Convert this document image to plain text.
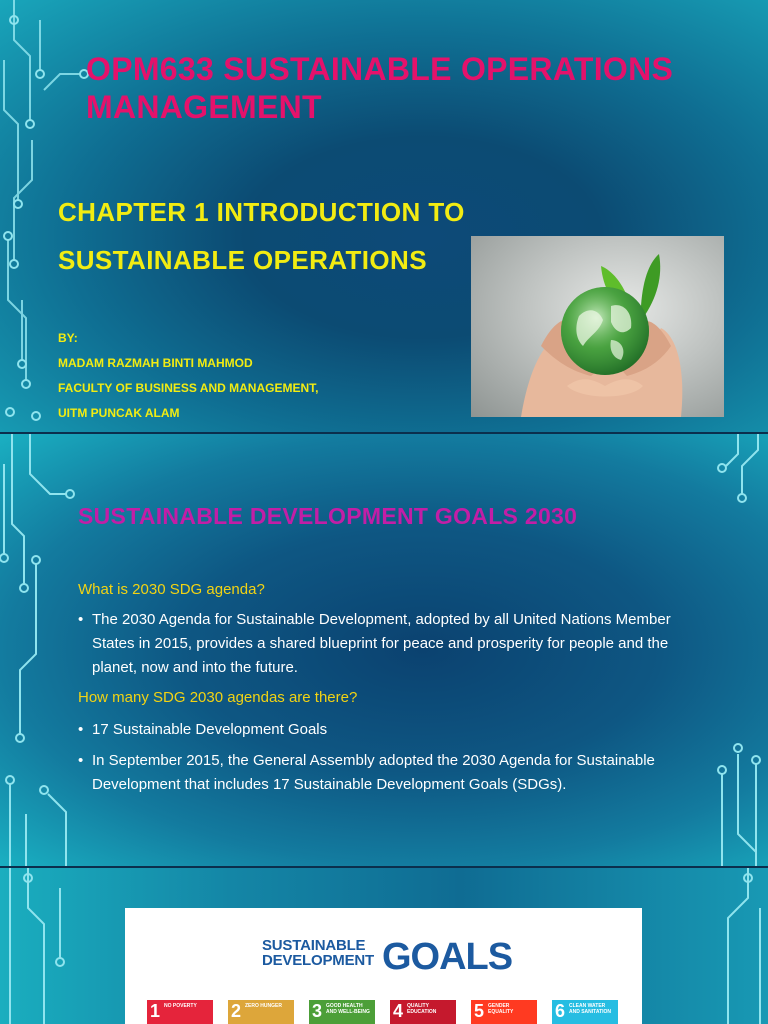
OPM633 SUSTAINABLE OPERATIONS MANAGEMENT
CHAPTER 1 INTRODUCTION TO SUSTAINABLE OPERATIONS
BY:
MADAM RAZMAH BINTI MAHMOD
FACULTY OF BUSINESS AND MANAGEMENT,
UITM PUNCAK ALAM
SUSTAINABLE DEVELOPMENT GOALS 2030
What is 2030 SDG agenda?
• The 2030 Agenda for Sustainable Development, adopted by all United Nations Member States in 2015, provides a shared blueprint for peace and prosperity for people and the planet, now and into the future.
How many SDG 2030 agendas are there?
• 17 Sustainable Development Goals
• In September 2015, the General Assembly adopted the 2030 Agenda for Sustainable Development that includes 17 Sustainable Development Goals (SDGs).
SUSTAINABLE
DEVELOPMENT GOALS
1 NO POVERTY	2 ZERO HUNGER	3 GOOD HEALTH AND WELL-BEING 4 QUALITY EDUCATION	5 GENDER EQUALITY	6 CLEAN WATER AND SANITATION
